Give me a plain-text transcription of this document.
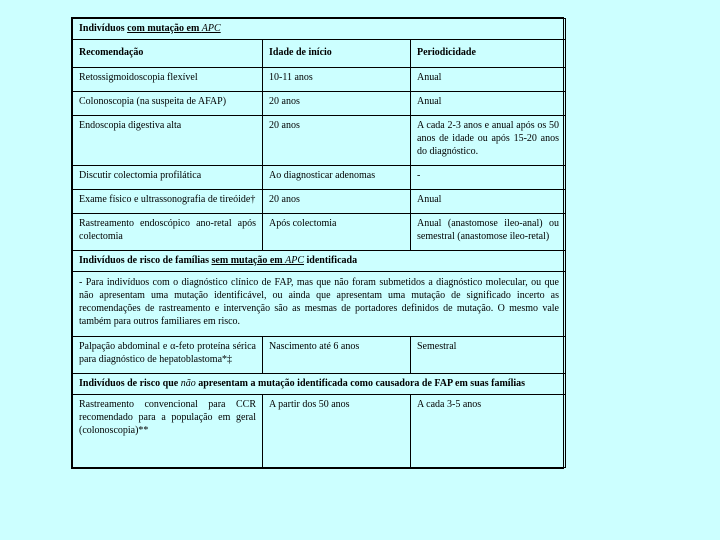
Indivíduos com mutação em APC		
Recomendação	Idade de início	Periodicidade
Retossigmoidoscopia flexível	10-11 anos	Anual
Colonoscopia (na suspeita de AFAP)	20 anos	Anual
Endoscopia digestiva alta	20 anos	A cada 2-3 anos e anual após os 50 anos de idade ou após 15-20 anos do diagnóstico.
Discutir colectomia profilática	Ao diagnosticar adenomas	-
Exame físico e ultrassonografia de tireóide†	20 anos	Anual
Rastreamento endoscópico ano-retal após colectomia	Após colectomia	Anual (anastomose ileo-anal) ou semestral (anastomose ileo-retal)
Indivíduos de risco de famílias sem mutação em APC identificada		
- Para indivíduos com o diagnóstico clínico de FAP, mas que não foram submetidos a diagnóstico molecular, ou que não apresentam uma mutação identificável, ou ainda que apresentam uma mutação de significado incerto as recomendações de rastreamento e intervenção são as mesmas de portadores definidos de mutação. O mesmo vale também para outros familiares em risco.		
Palpação abdominal e α-feto proteína sérica para diagnóstico de hepatoblastoma*‡	Nascimento até 6 anos	Semestral
Indivíduos de risco que não apresentam a mutação identificada como causadora de FAP em suas famílias		
Rastreamento convencional para CCR recomendado para a população em geral (colonoscopia)**	A partir dos 50 anos	A cada 3-5 anos
